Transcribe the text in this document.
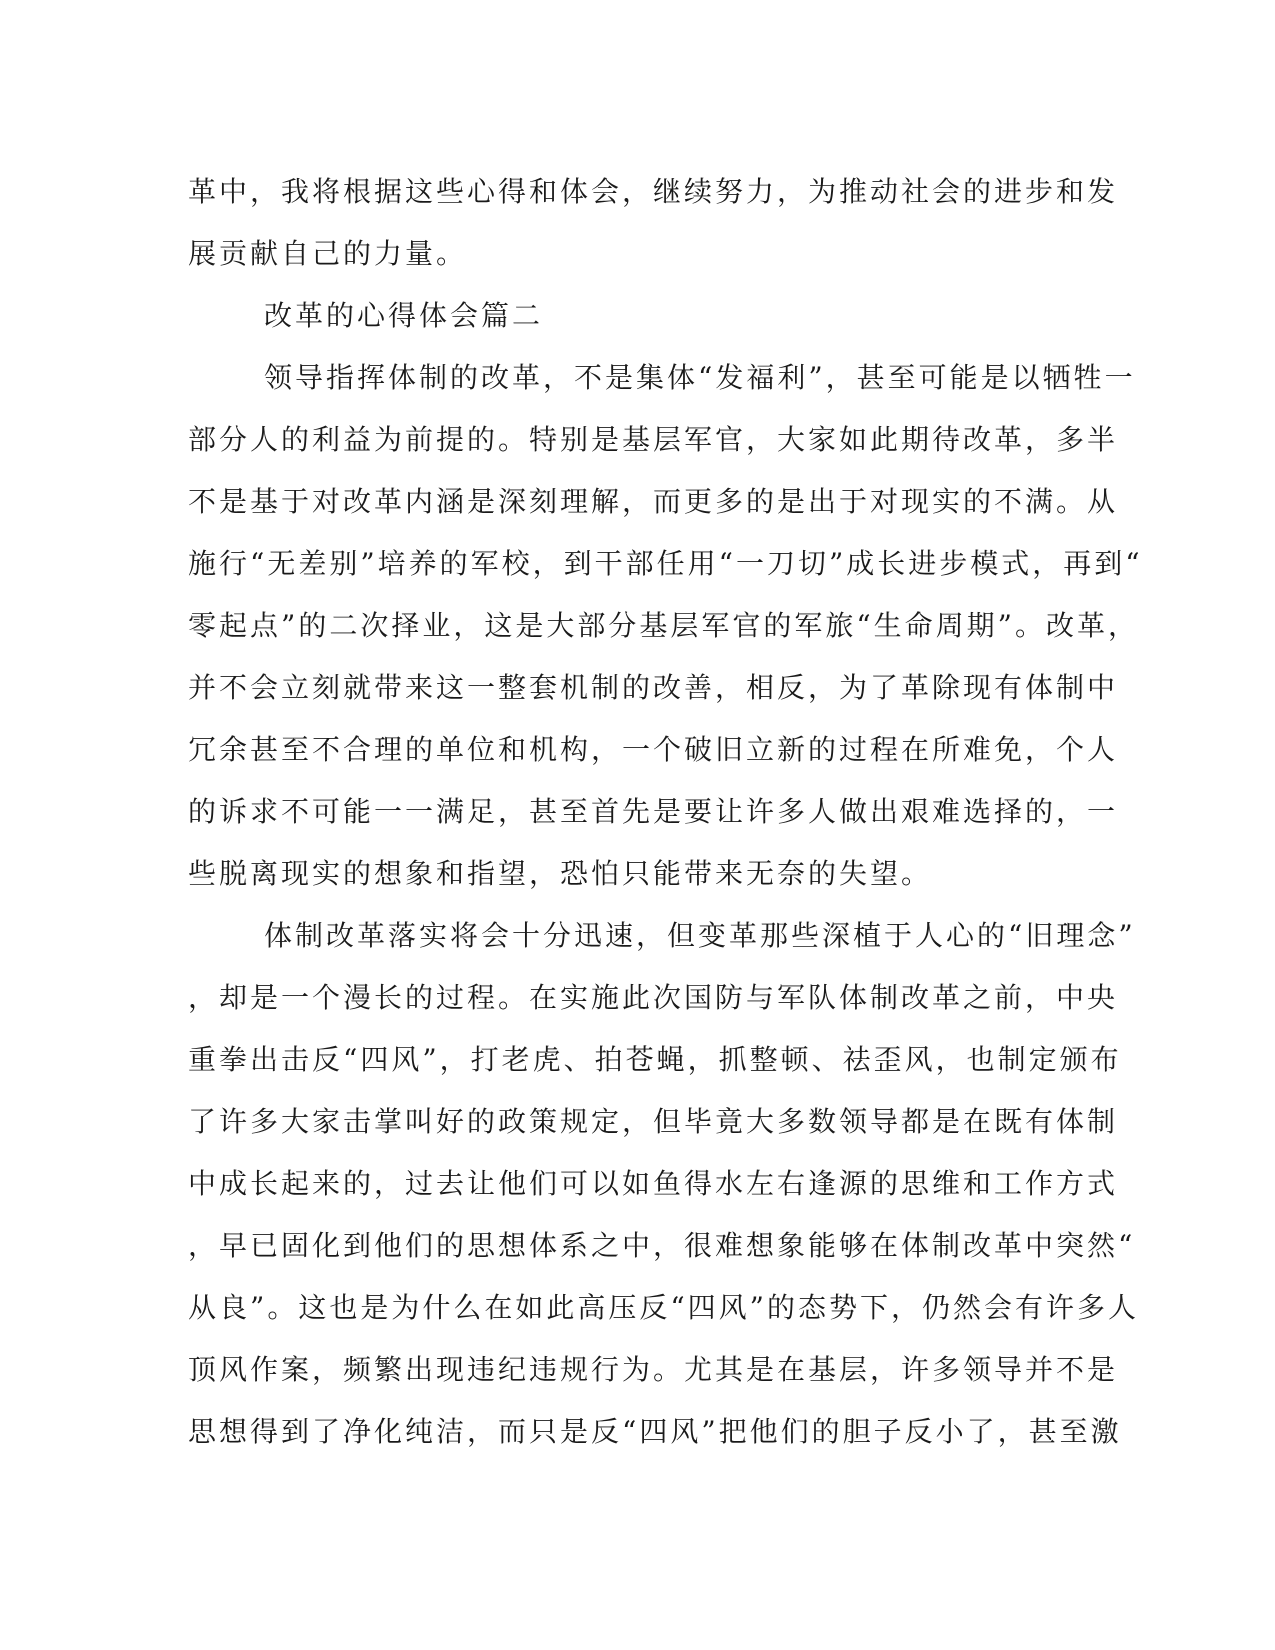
革中，我将根据这些心得和体会，继续努力，为推动社会的进步和发
展贡献自己的力量。
改革的心得体会篇二
领导指挥体制的改革，不是集体“发福利”，甚至可能是以牺牲一
部分人的利益为前提的。特别是基层军官，大家如此期待改革，多半
不是基于对改革内涵是深刻理解，而更多的是出于对现实的不满。从
施行“无差别”培养的军校，到干部任用“一刀切”成长进步模式，再到“
零起点”的二次择业，这是大部分基层军官的军旅“生命周期”。改革，
并不会立刻就带来这一整套机制的改善，相反，为了革除现有体制中
冗余甚至不合理的单位和机构，一个破旧立新的过程在所难免，个人
的诉求不可能一一满足，甚至首先是要让许多人做出艰难选择的，一
些脱离现实的想象和指望，恐怕只能带来无奈的失望。
体制改革落实将会十分迅速，但变革那些深植于人心的“旧理念”
，却是一个漫长的过程。在实施此次国防与军队体制改革之前，中央
重拳出击反“四风”，打老虎、拍苍蝇，抓整顿、祛歪风，也制定颁布
了许多大家击掌叫好的政策规定，但毕竟大多数领导都是在既有体制
中成长起来的，过去让他们可以如鱼得水左右逢源的思维和工作方式
，早已固化到他们的思想体系之中，很难想象能够在体制改革中突然“
从良”。这也是为什么在如此高压反“四风”的态势下，仍然会有许多人
顶风作案，频繁出现违纪违规行为。尤其是在基层，许多领导并不是
思想得到了净化纯洁，而只是反“四风”把他们的胆子反小了，甚至激
